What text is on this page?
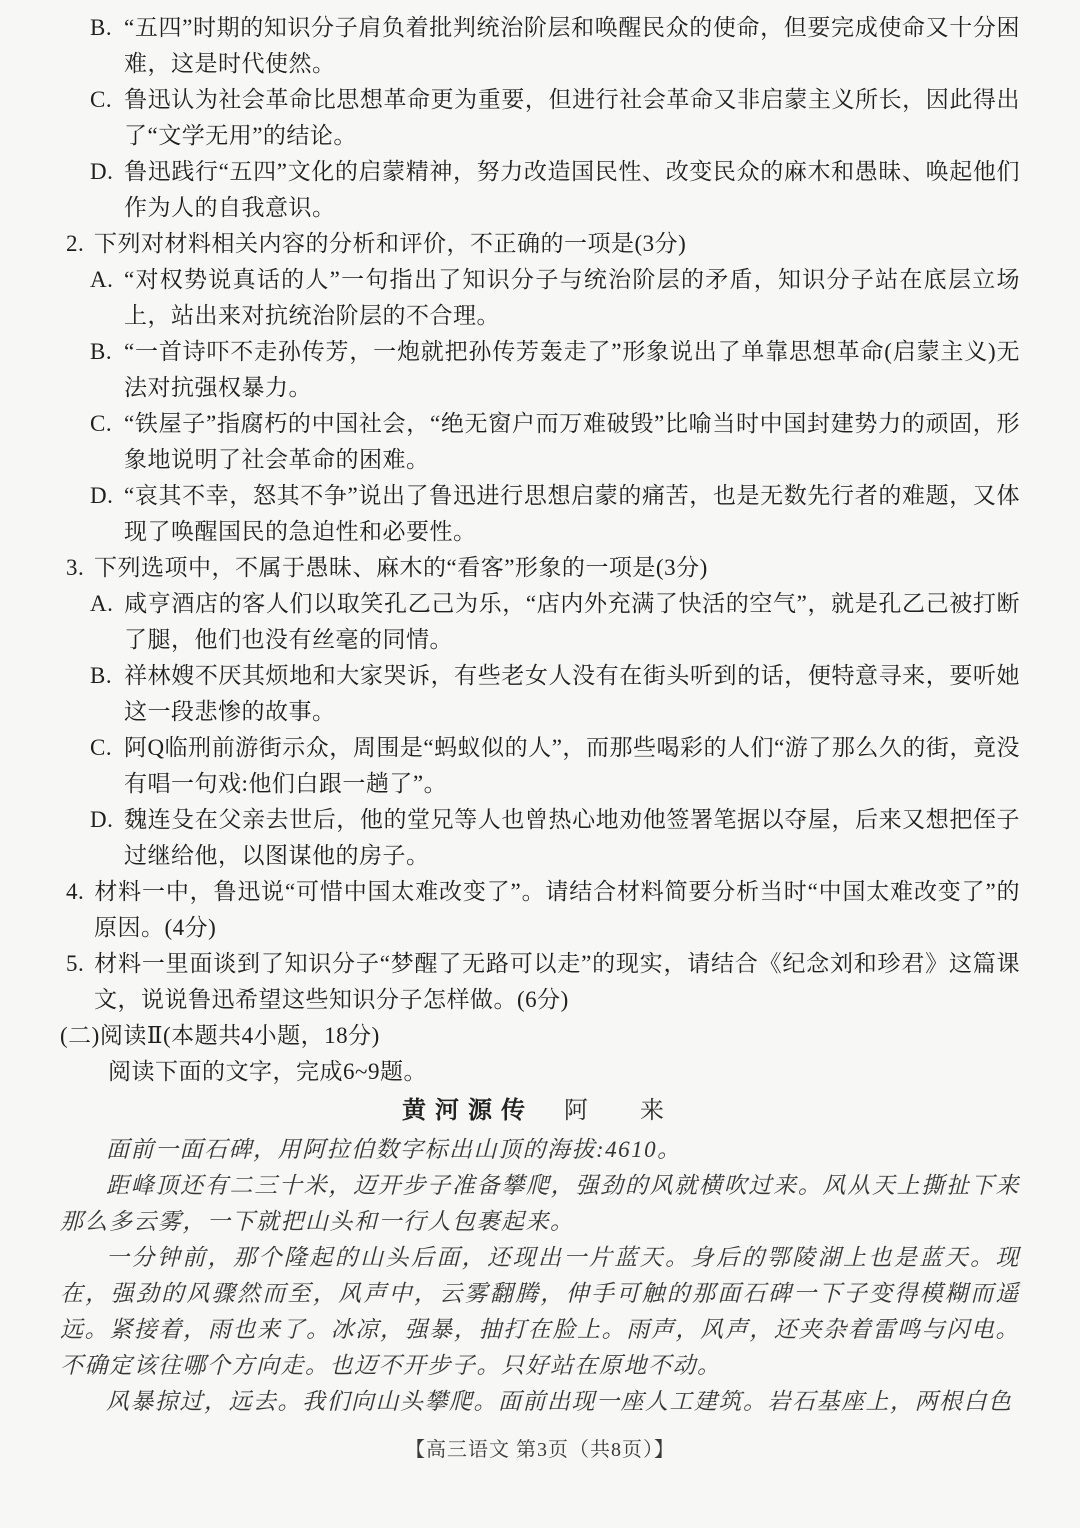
B. “五四”时期的知识分子肩负着批判统治阶层和唤醒民众的使命，但要完成使命又十分困难，这是时代使然。
C. 鲁迅认为社会革命比思想革命更为重要，但进行社会革命又非启蒙主义所长，因此得出了“文学无用”的结论。
D. 鲁迅践行“五四”文化的启蒙精神，努力改造国民性、改变民众的麻木和愚昧、唤起他们作为人的自我意识。
2. 下列对材料相关内容的分析和评价，不正确的一项是(3分)
A. “对权势说真话的人”一句指出了知识分子与统治阶层的矛盾，知识分子站在底层立场上，站出来对抗统治阶层的不合理。
B. “一首诗吓不走孙传芳，一炮就把孙传芳轰走了”形象说出了单靠思想革命(启蒙主义)无法对抗强权暴力。
C. “铁屋子”指腐朽的中国社会，“绝无窗户而万难破毁”比喻当时中国封建势力的顽固，形象地说明了社会革命的困难。
D. “哀其不幸，怒其不争”说出了鲁迅进行思想启蒙的痛苦，也是无数先行者的难题，又体现了唤醒国民的急迫性和必要性。
3. 下列选项中，不属于愚昧、麻木的“看客”形象的一项是(3分)
A. 咸亨酒店的客人们以取笑孔乙己为乐，“店内外充满了快活的空气”，就是孔乙己被打断了腿，他们也没有丝毫的同情。
B. 祥林嫂不厌其烦地和大家哭诉，有些老女人没有在街头听到的话，便特意寻来，要听她这一段悲惨的故事。
C. 阿Q临刑前游街示众，周围是“蚂蚁似的人”，而那些喝彩的人们“游了那么久的街，竟没有唱一句戏:他们白跟一趟了”。
D. 魏连殳在父亲去世后，他的堂兄等人也曾热心地劝他签署笔据以夺屋，后来又想把侄子过继给他，以图谋他的房子。
4. 材料一中，鲁迅说“可惜中国太难改变了”。请结合材料简要分析当时“中国太难改变了”的原因。(4分)
5. 材料一里面谈到了知识分子“梦醒了无路可以走”的现实，请结合《纪念刘和珍君》这篇课文，说说鲁迅希望这些知识分子怎样做。(6分)
(二)阅读Ⅱ(本题共4小题，18分)
阅读下面的文字，完成6~9题。
黄河源传 阿　来
面前一面石碑，用阿拉伯数字标出山顶的海拔:4610。
距峰顶还有二三十米，迈开步子准备攀爬，强劲的风就横吹过来。风从天上撕扯下来那么多云雾，一下就把山头和一行人包裹起来。
一分钟前，那个隆起的山头后面，还现出一片蓝天。身后的鄂陵湖上也是蓝天。现在，强劲的风骤然而至，风声中，云雾翻腾，伸手可触的那面石碑一下子变得模糊而遥远。紧接着，雨也来了。冰凉，强暴，抽打在脸上。雨声，风声，还夹杂着雷鸣与闪电。不确定该往哪个方向走。也迈不开步子。只好站在原地不动。
风暴掠过，远去。我们向山头攀爬。面前出现一座人工建筑。岩石基座上，两根白色
【高三语文 第3页（共8页）】
